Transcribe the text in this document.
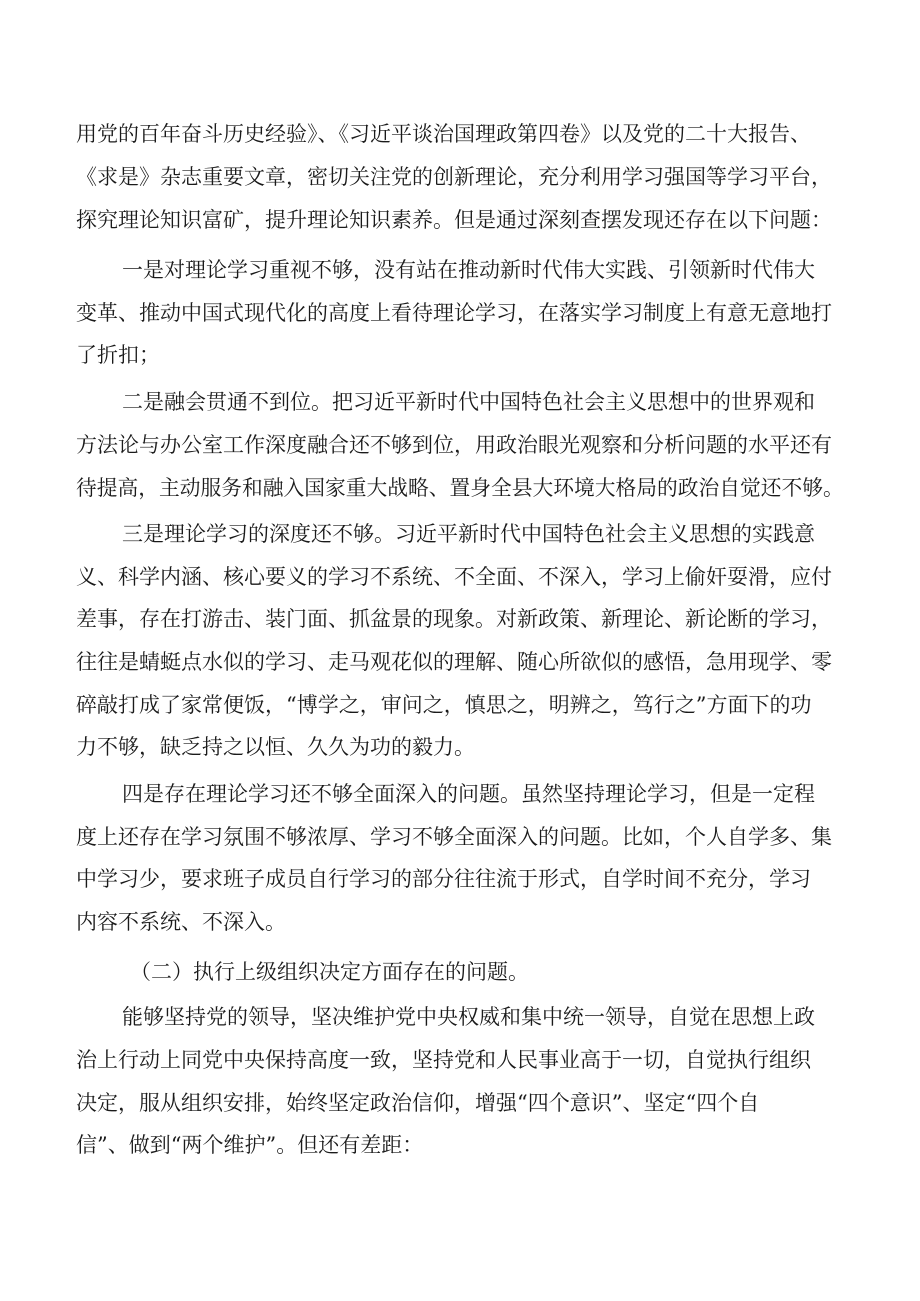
用党的百年奋斗历史经验》、《习近平谈治国理政第四卷》以及党的二十大报告、
《求是》杂志重要文章，密切关注党的创新理论，充分利用学习强国等学习平台，
探究理论知识富矿，提升理论知识素养。但是通过深刻查摆发现还存在以下问题：
一是对理论学习重视不够，没有站在推动新时代伟大实践、引领新时代伟大
变革、推动中国式现代化的高度上看待理论学习，在落实学习制度上有意无意地打
了折扣；
二是融会贯通不到位。把习近平新时代中国特色社会主义思想中的世界观和
方法论与办公室工作深度融合还不够到位，用政治眼光观察和分析问题的水平还有
待提高，主动服务和融入国家重大战略、置身全县大环境大格局的政治自觉还不够。
三是理论学习的深度还不够。习近平新时代中国特色社会主义思想的实践意
义、科学内涵、核心要义的学习不系统、不全面、不深入，学习上偷奸耍滑，应付
差事，存在打游击、装门面、抓盆景的现象。对新政策、新理论、新论断的学习，
往往是蜻蜓点水似的学习、走马观花似的理解、随心所欲似的感悟，急用现学、零
碎敲打成了家常便饭，“博学之，审问之，慎思之，明辨之，笃行之”方面下的功
力不够，缺乏持之以恒、久久为功的毅力。
四是存在理论学习还不够全面深入的问题。虽然坚持理论学习，但是一定程
度上还存在学习氛围不够浓厚、学习不够全面深入的问题。比如，个人自学多、集
中学习少，要求班子成员自行学习的部分往往流于形式，自学时间不充分，学习
内容不系统、不深入。
（二）执行上级组织决定方面存在的问题。
能够坚持党的领导，坚决维护党中央权威和集中统一领导，自觉在思想上政
治上行动上同党中央保持高度一致，坚持党和人民事业高于一切，自觉执行组织
决定，服从组织安排，始终坚定政治信仰，增强“四个意识”、坚定“四个自
信”、做到“两个维护”。但还有差距：
